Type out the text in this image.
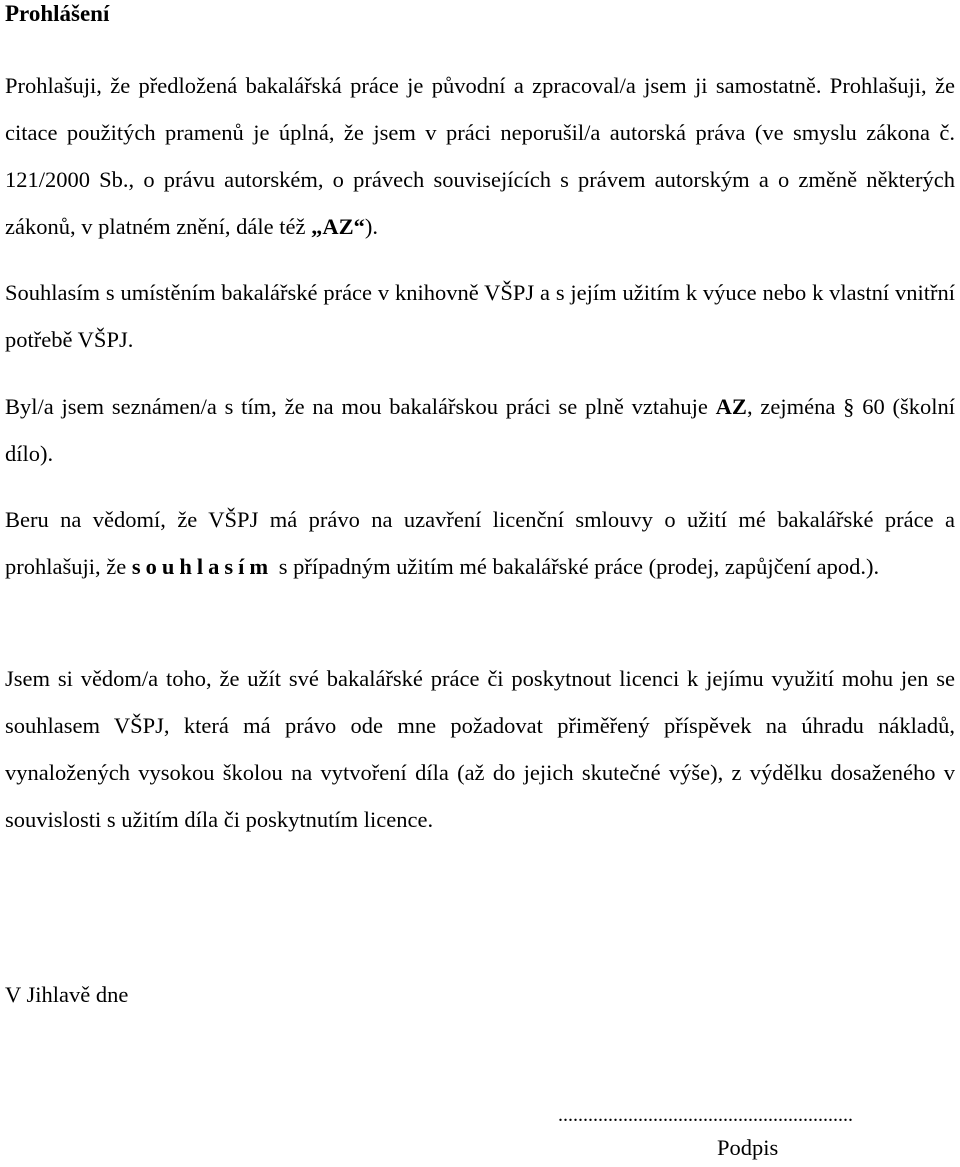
Prohlášení

Prohlašuji, že předložená bakalářská práce je původní a zpracoval/a jsem ji samostatně. Prohlašuji, že citace použitých pramenů je úplná, že jsem v práci neporušil/a autorská práva (ve smyslu zákona č. 121/2000 Sb., o právu autorském, o právech souvisejících s právem autorským a o změně některých zákonů, v platném znění, dále též „AZ“).

Souhlasím s umístěním bakalářské práce v knihovně VŠPJ a s jejím užitím k výuce nebo k vlastní vnitřní potřebě VŠPJ.

Byl/a jsem seznámen/a s tím, že na mou bakalářskou práci se plně vztahuje AZ, zejména § 60 (školní dílo).

Beru na vědomí, že VŠPJ má právo na uzavření licenční smlouvy o užití mé bakalářské práce a prohlašuji, že souhlasím s případným užitím mé bakalářské práce (prodej, zapůjčení apod.).

Jsem si vědom/a toho, že užít své bakalářské práce či poskytnout licenci k jejímu využití mohu jen se souhlasem VŠPJ, která má právo ode mne požadovat přiměřený příspěvek na úhradu nákladů, vynaložených vysokou školou na vytvoření díla (až do jejich skutečné výše), z výdělku dosaženého v souvislosti s užitím díla či poskytnutím licence.

V Jihlavě dne

...........................................................

Podpis
